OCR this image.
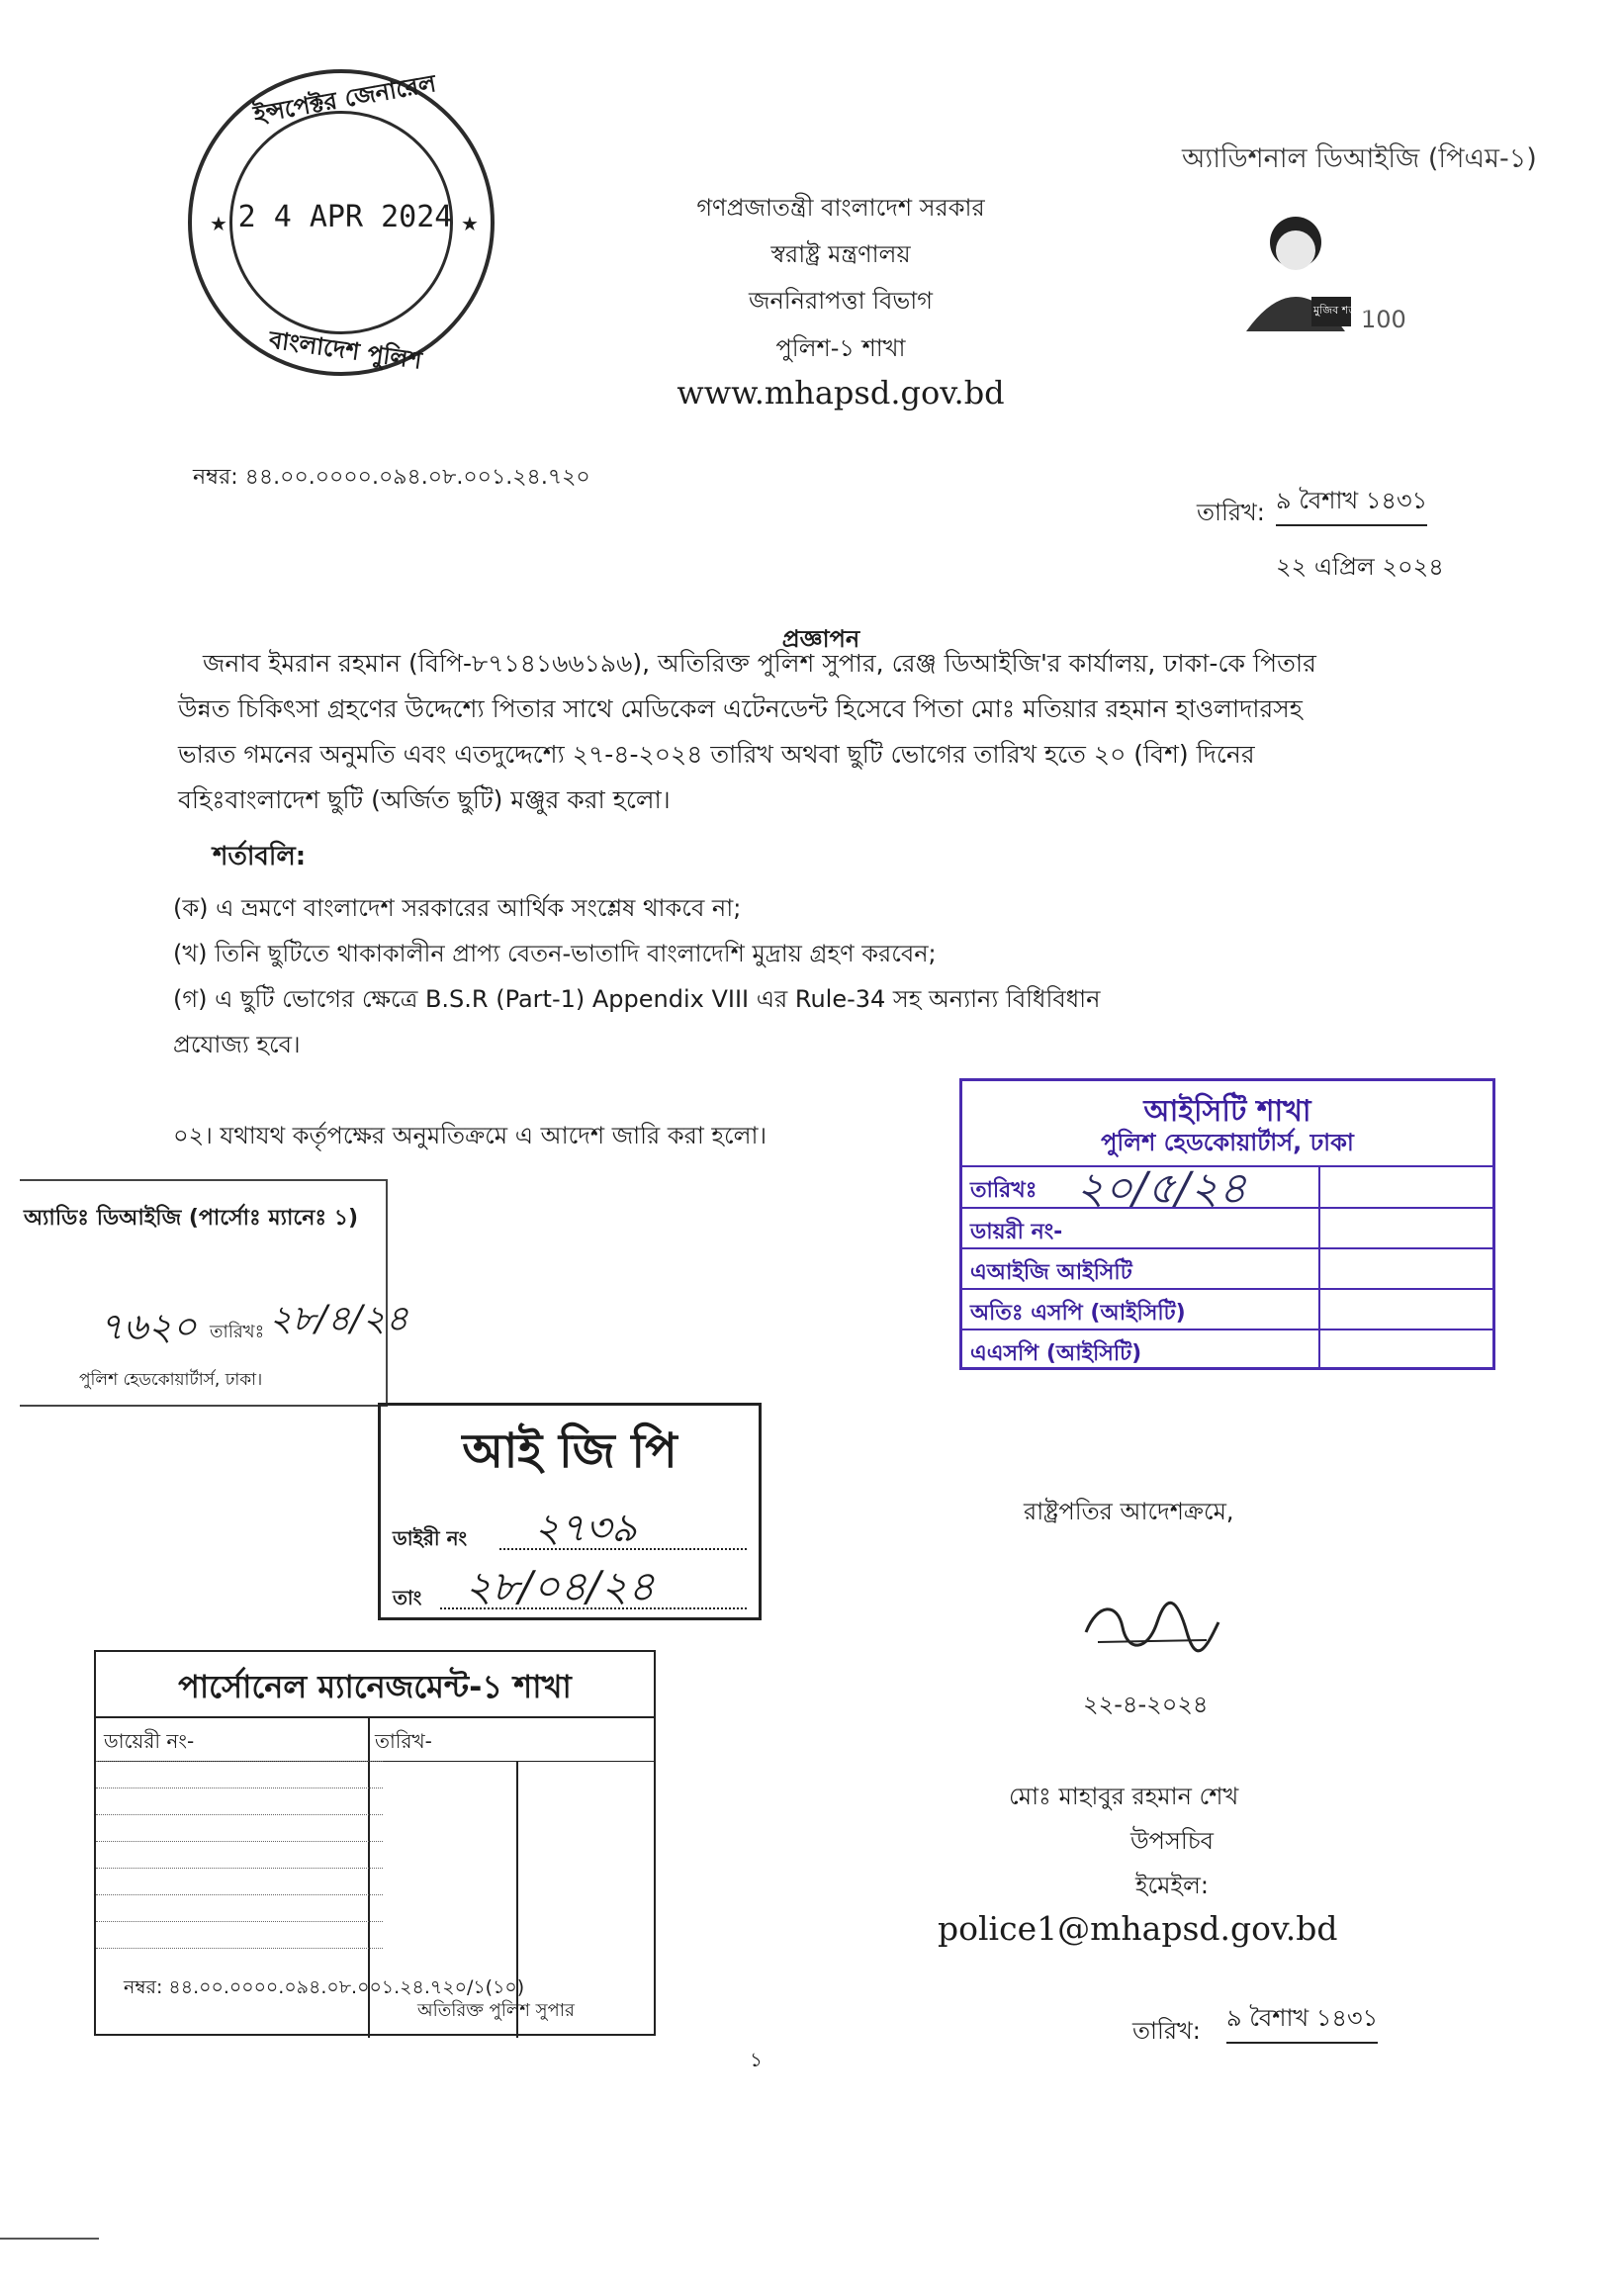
ইন্সপেক্টর জেনারেল
2 4 APR 2024
বাংলাদেশ পুলিশ
★	★
অ্যাডিশনাল ডিআইজি (পিএম-১)
100
মুজিব শতবর্ষ
গণপ্রজাতন্ত্রী বাংলাদেশ সরকার
স্বরাষ্ট্র মন্ত্রণালয়
জননিরাপত্তা বিভাগ
পুলিশ-১ শাখা
www.mhapsd.gov.bd
নম্বর: ৪৪.০০.০০০০.০৯৪.০৮.০০১.২৪.৭২০
তারিখ: ৯ বৈশাখ ১৪৩১
২২ এপ্রিল ২০২৪
প্রজ্ঞাপন
জনাব ইমরান রহমান (বিপি-৮৭১৪১৬৬১৯৬), অতিরিক্ত পুলিশ সুপার, রেঞ্জ ডিআইজি'র কার্যালয়, ঢাকা-কে পিতার
উন্নত চিকিৎসা গ্রহণের উদ্দেশ্যে পিতার সাথে মেডিকেল এটেনডেন্ট হিসেবে পিতা মোঃ মতিয়ার রহমান হাওলাদারসহ
ভারত গমনের অনুমতি এবং এতদুদ্দেশ্যে ২৭-৪-২০২৪ তারিখ অথবা ছুটি ভোগের তারিখ হতে ২০ (বিশ) দিনের
বহিঃবাংলাদেশ ছুটি (অর্জিত ছুটি) মঞ্জুর করা হলো।
শর্তাবলি:
(ক) এ ভ্রমণে বাংলাদেশ সরকারের আর্থিক সংশ্লেষ থাকবে না;
(খ) তিনি ছুটিতে থাকাকালীন প্রাপ্য বেতন-ভাতাদি বাংলাদেশি মুদ্রায় গ্রহণ করবেন;
(গ) এ ছুটি ভোগের ক্ষেত্রে B.S.R (Part-1) Appendix VIII এর Rule-34 সহ অন্যান্য বিধিবিধান
প্রযোজ্য হবে।
০২। যথাযথ কর্তৃপক্ষের অনুমতিক্রমে এ আদেশ জারি করা হলো।
আইসিটি শাখা
পুলিশ হেডকোয়ার্টার্স, ঢাকা
তারিখঃ
ডায়রী নং-
এআইজি আইসিটি
অতিঃ এসপি (আইসিটি)
এএসপি (আইসিটি)
২০/৫/২৪
অ্যাডিঃ ডিআইজি (পার্সোঃ ম্যানেঃ ১)
৭৬২০ তারিখঃ ২৮/৪/২৪
পুলিশ হেডকোয়ার্টার্স, ঢাকা।
আই জি পি
ডাইরী নং ২৭৩৯
তাং ২৮/০৪/২৪
পার্সোনেল ম্যানেজমেন্ট-১ শাখা
ডায়েরী নং-	তারিখ-
অতিরিক্ত পুলিশ সুপার
নম্বর: ৪৪.০০.০০০০.০৯৪.০৮.০০১.২৪.৭২০/১(১০)
রাষ্ট্রপতির আদেশক্রমে,
২২-৪-২০২৪
মোঃ মাহাবুর রহমান শেখ
উপসচিব
ইমেইল:
police1@mhapsd.gov.bd
তারিখ: ৯ বৈশাখ ১৪৩১
১
